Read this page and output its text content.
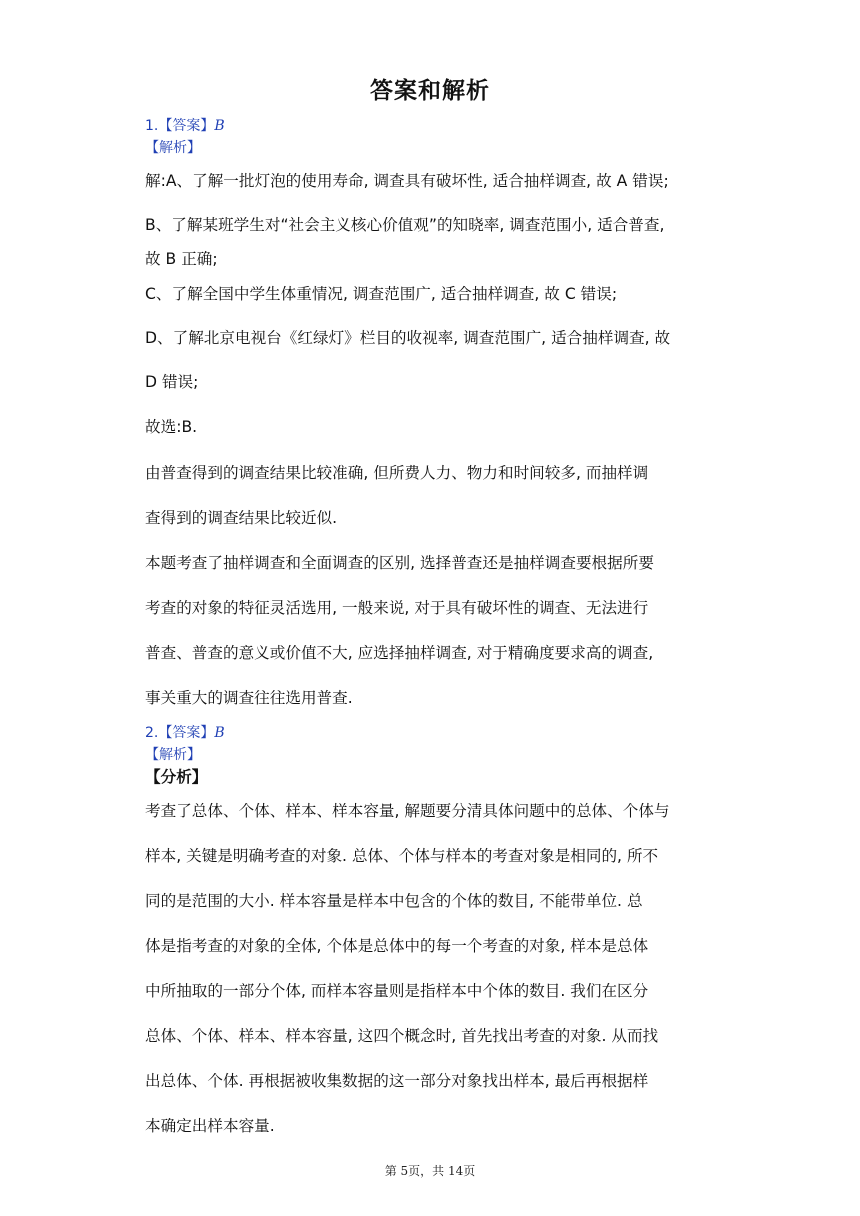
答案和解析
1.【答案】B
【解析】
解:A、了解一批灯泡的使用寿命, 调查具有破坏性, 适合抽样调查, 故 A 错误;
B、了解某班学生对“社会主义核心价值观”的知晓率, 调查范围小, 适合普查,
故 B 正确;
C、了解全国中学生体重情况, 调查范围广, 适合抽样调查, 故 C 错误;
D、了解北京电视台《红绿灯》栏目的收视率, 调查范围广, 适合抽样调查, 故
D 错误;
故选:B.
由普查得到的调查结果比较准确, 但所费人力、物力和时间较多, 而抽样调
查得到的调查结果比较近似.
本题考查了抽样调查和全面调查的区别, 选择普查还是抽样调查要根据所要
考查的对象的特征灵活选用, 一般来说, 对于具有破坏性的调查、无法进行
普查、普查的意义或价值不大, 应选择抽样调查, 对于精确度要求高的调查,
事关重大的调查往往选用普查.
2.【答案】B
【解析】
【分析】
考查了总体、个体、样本、样本容量, 解题要分清具体问题中的总体、个体与
样本, 关键是明确考查的对象. 总体、个体与样本的考查对象是相同的, 所不
同的是范围的大小. 样本容量是样本中包含的个体的数目, 不能带单位. 总
体是指考查的对象的全体, 个体是总体中的每一个考查的对象, 样本是总体
中所抽取的一部分个体, 而样本容量则是指样本中个体的数目. 我们在区分
总体、个体、样本、样本容量, 这四个概念时, 首先找出考查的对象. 从而找
出总体、个体. 再根据被收集数据的这一部分对象找出样本, 最后再根据样
本确定出样本容量.
第 5页，共 14页
